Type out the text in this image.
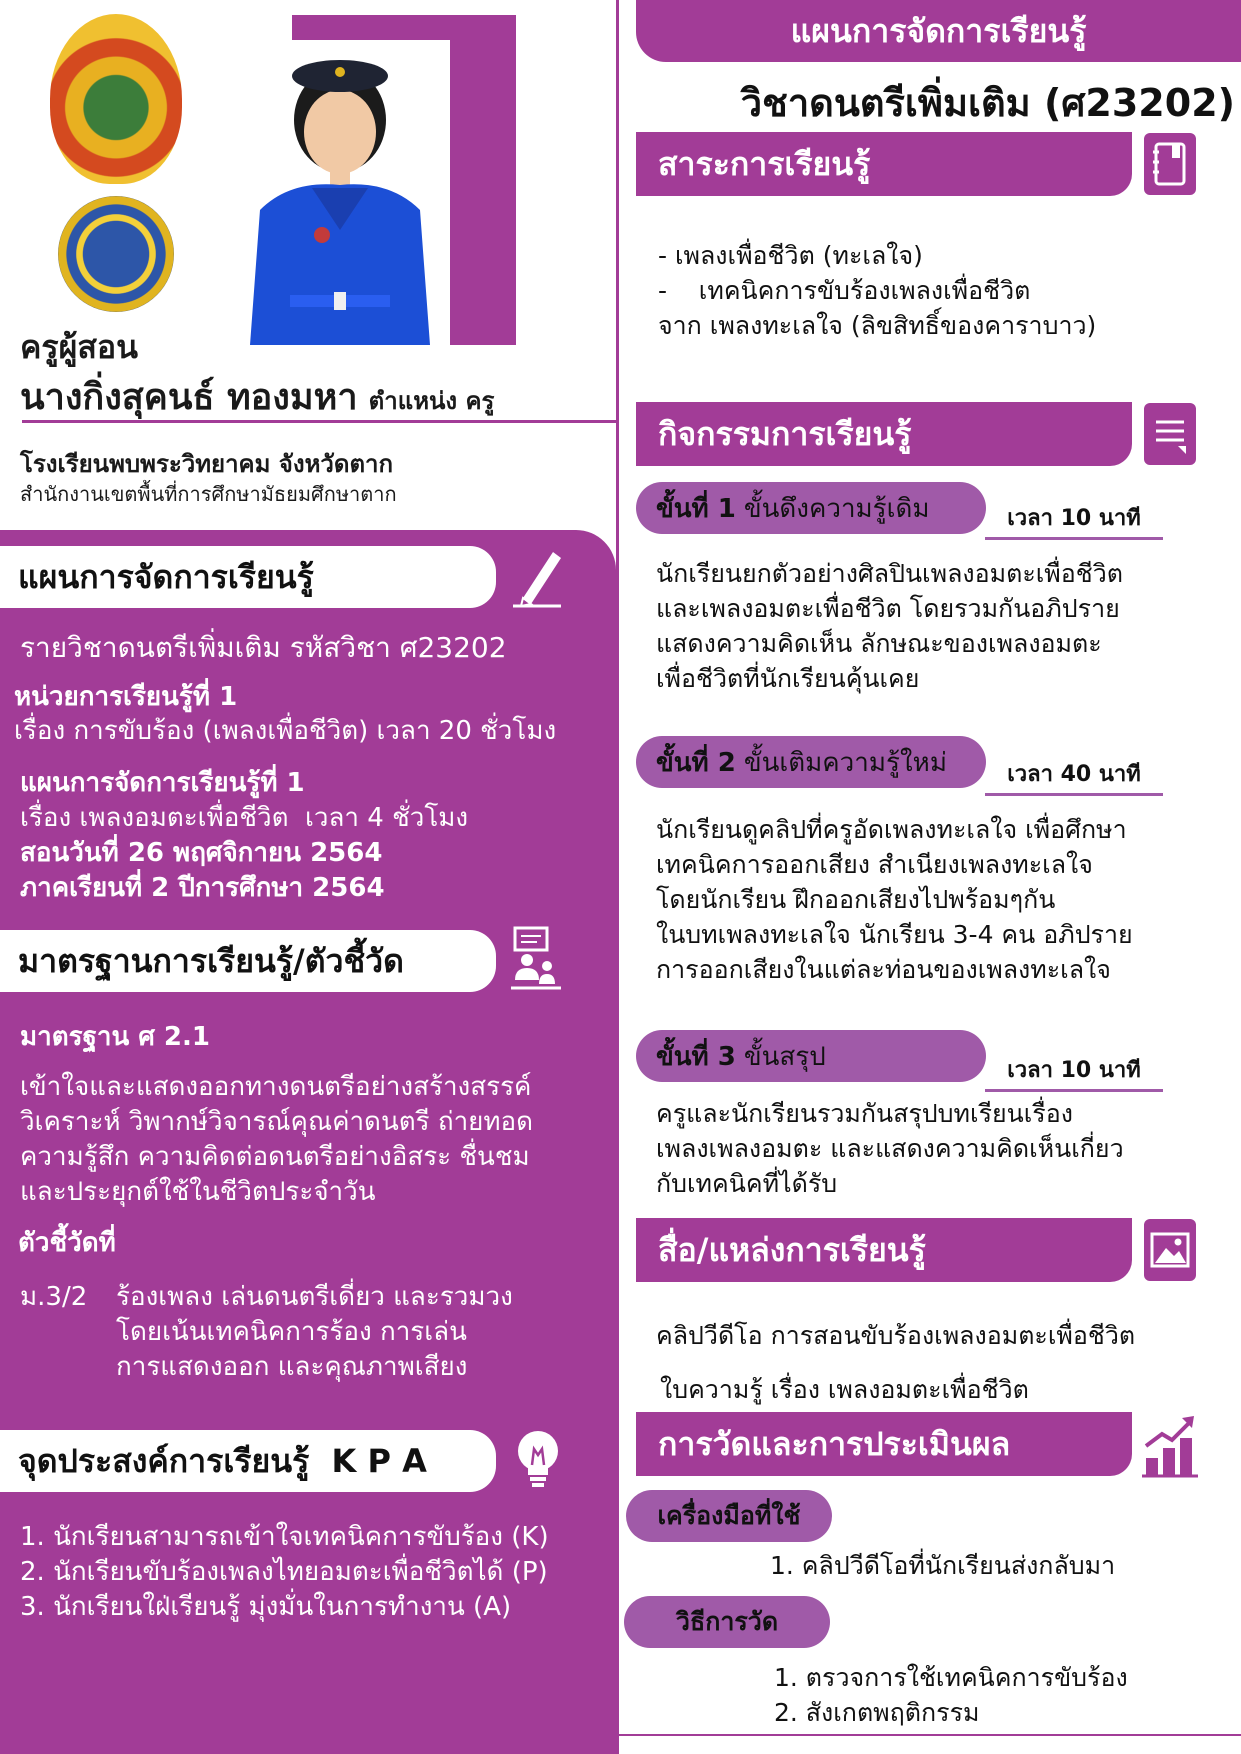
ครูผู้สอน
นางกิ่งสุคนธ์ ทองมหา ตำแหน่ง ครู
โรงเรียนพบพระวิทยาคม จังหวัดตาก
สำนักงานเขตพื้นที่การศึกษามัธยมศึกษาตาก
แผนการจัดการเรียนรู้
วิชาดนตรีเพิ่มเติม (ศ23202)
สาระการเรียนรู้
- เพลงเพื่อชีวิต (ทะเลใจ)
-    เทคนิคการขับร้องเพลงเพื่อชีวิต
จาก เพลงทะเลใจ (ลิขสิทธิ์ของคาราบาว)
กิจกรรมการเรียนรู้
ขั้นที่ 1 ขั้นดึงความรู้เดิม	เวลา 10 นาที
นักเรียนยกตัวอย่างศิลปินเพลงอมตะเพื่อชีวิต
และเพลงอมตะเพื่อชีวิต โดยรวมกันอภิปราย
แสดงความคิดเห็น ลักษณะของเพลงอมตะ
เพื่อชีวิตที่นักเรียนคุ้นเคย
ขั้นที่ 2 ขั้นเติมความรู้ใหม่	เวลา 40 นาที
นักเรียนดูคลิปที่ครูอัดเพลงทะเลใจ เพื่อศึกษา
เทคนิคการออกเสียง สำเนียงเพลงทะเลใจ
โดยนักเรียน ฝึกออกเสียงไปพร้อมๆกัน
ในบทเพลงทะเลใจ นักเรียน 3-4 คน อภิปราย
การออกเสียงในแต่ละท่อนของเพลงทะเลใจ
ขั้นที่ 3 ขั้นสรุป	เวลา 10 นาที
ครูและนักเรียนรวมกันสรุปบทเรียนเรื่อง
เพลงเพลงอมตะ และแสดงความคิดเห็นเกี่ยว
กับเทคนิคที่ได้รับ
สื่อ/แหล่งการเรียนรู้
คลิปวีดีโอ การสอนขับร้องเพลงอมตะเพื่อชีวิต
ใบความรู้ เรื่อง เพลงอมตะเพื่อชีวิต
การวัดและการประเมินผล
เครื่องมือที่ใช้
1. คลิปวีดีโอที่นักเรียนส่งกลับมา
วิธีการวัด
1. ตรวจการใช้เทคนิคการขับร้อง
2. สังเกตพฤติกรรม
แผนการจัดการเรียนรู้
รายวิชาดนตรีเพิ่มเติม รหัสวิชา ศ23202
หน่วยการเรียนรู้ที่ 1
เรื่อง การขับร้อง (เพลงเพื่อชีวิต) เวลา 20 ชั่วโมง
แผนการจัดการเรียนรู้ที่ 1
เรื่อง เพลงอมตะเพื่อชีวิต  เวลา 4 ชั่วโมง
สอนวันที่ 26 พฤศจิกายน 2564
ภาคเรียนที่ 2 ปีการศึกษา 2564
มาตรฐานการเรียนรู้/ตัวชี้วัด
มาตรฐาน ศ 2.1
เข้าใจและแสดงออกทางดนตรีอย่างสร้างสรรค์
วิเคราะห์ วิพากษ์วิจารณ์คุณค่าดนตรี ถ่ายทอด
ความรู้สึก ความคิดต่อดนตรีอย่างอิสระ ชื่นชม
และประยุกต์ใช้ในชีวิตประจำวัน
ตัวชี้วัดที่
ม.3/2 ร้องเพลง เล่นดนตรีเดี่ยว และรวมวง
โดยเน้นเทคนิคการร้อง การเล่น
การแสดงออก และคุณภาพเสียง
จุดประสงค์การเรียนรู้  K P A
1. นักเรียนสามารถเข้าใจเทคนิคการขับร้อง (K)
2. นักเรียนขับร้องเพลงไทยอมตะเพื่อชีวิตได้ (P)
3. นักเรียนใฝ่เรียนรู้ มุ่งมั่นในการทำงาน (A)
